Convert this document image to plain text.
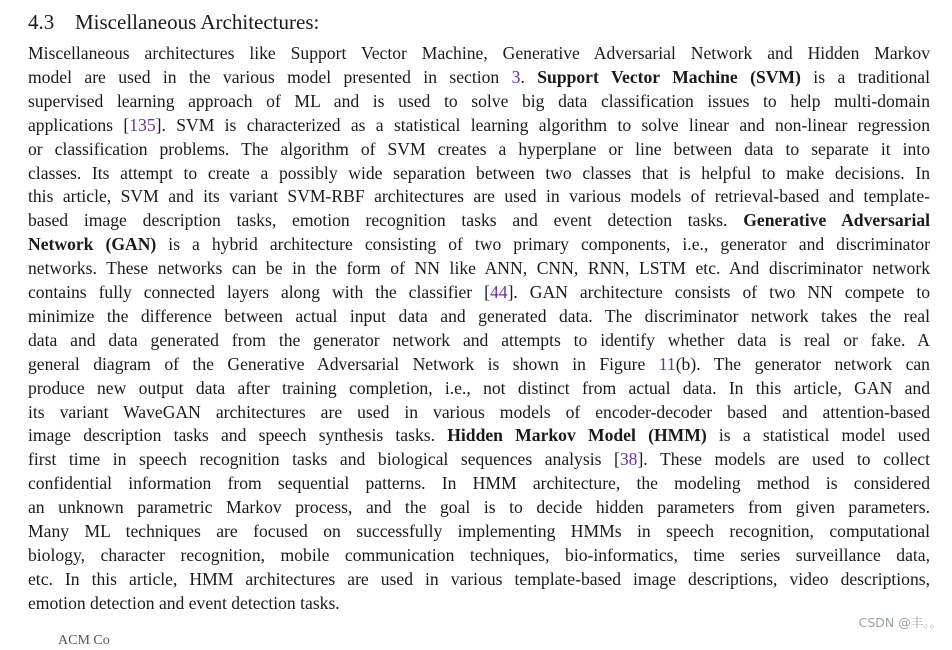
4.3 Miscellaneous Architectures:
Miscellaneous architectures like Support Vector Machine, Generative Adversarial Network and Hidden Markov
model are used in the various model presented in section 3. Support Vector Machine (SVM) is a traditional
supervised learning approach of ML and is used to solve big data classification issues to help multi-domain
applications [135]. SVM is characterized as a statistical learning algorithm to solve linear and non-linear regression
or classification problems. The algorithm of SVM creates a hyperplane or line between data to separate it into
classes. Its attempt to create a possibly wide separation between two classes that is helpful to make decisions. In
this article, SVM and its variant SVM-RBF architectures are used in various models of retrieval-based and template-
based image description tasks, emotion recognition tasks and event detection tasks. Generative Adversarial
Network (GAN) is a hybrid architecture consisting of two primary components, i.e., generator and discriminator
networks. These networks can be in the form of NN like ANN, CNN, RNN, LSTM etc. And discriminator network
contains fully connected layers along with the classifier [44]. GAN architecture consists of two NN compete to
minimize the difference between actual input data and generated data. The discriminator network takes the real
data and data generated from the generator network and attempts to identify whether data is real or fake. A
general diagram of the Generative Adversarial Network is shown in Figure 11(b). The generator network can
produce new output data after training completion, i.e., not distinct from actual data. In this article, GAN and
its variant WaveGAN architectures are used in various models of encoder-decoder based and attention-based
image description tasks and speech synthesis tasks. Hidden Markov Model (HMM) is a statistical model used
first time in speech recognition tasks and biological sequences analysis [38]. These models are used to collect
confidential information from sequential patterns. In HMM architecture, the modeling method is considered
an unknown parametric Markov process, and the goal is to decide hidden parameters from given parameters.
Many ML techniques are focused on successfully implementing HMMs in speech recognition, computational
biology, character recognition, mobile communication techniques, bio-informatics, time series surveillance data,
etc. In this article, HMM architectures are used in various template-based image descriptions, video descriptions,
emotion detection and event detection tasks.
CSDN @丰。。
ACM Co
